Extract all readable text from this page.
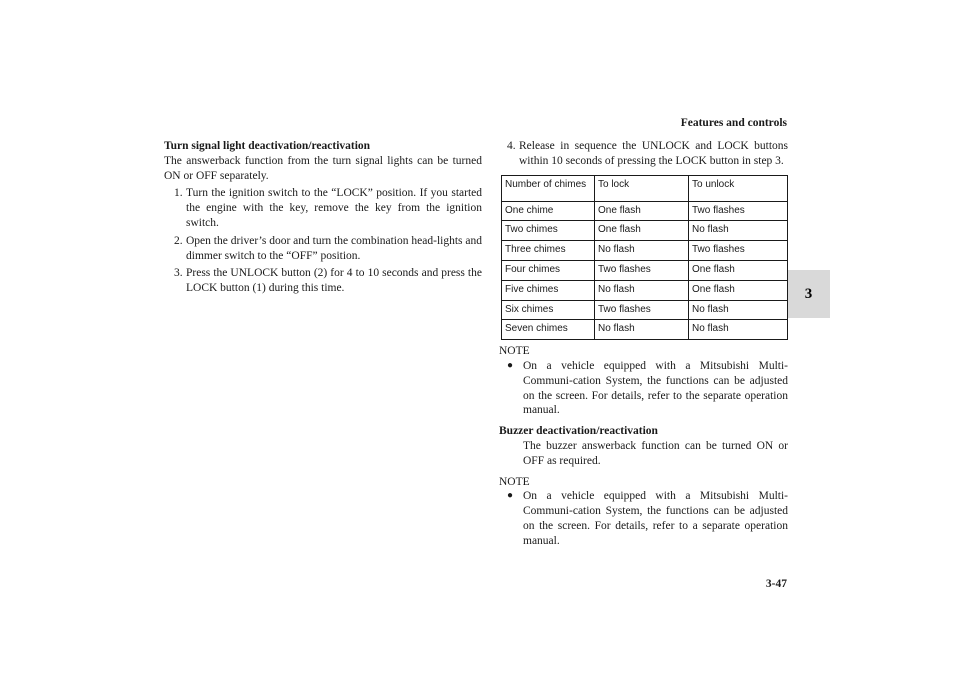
Features and controls
3
3-47
Turn signal light deactivation/reactivation
The answerback function from the turn signal lights can be turned ON or OFF separately.
1. Turn the ignition switch to the “LOCK” position. If you started the engine with the key, remove the key from the ignition switch.
2. Open the driver’s door and turn the combination head-lights and dimmer switch to the “OFF” position.
3. Press the UNLOCK button (2) for 4 to 10 seconds and press the LOCK button (1) during this time.
4. Release in sequence the UNLOCK and LOCK buttons within 10 seconds of pressing the LOCK button in step 3.
Number of chimes	To lock	To unlock
One chime	One flash	Two flashes
Two chimes	One flash	No flash
Three chimes	No flash	Two flashes
Four chimes	Two flashes	One flash
Five chimes	No flash	One flash
Six chimes	Two flashes	No flash
Seven chimes	No flash	No flash
NOTE
● On a vehicle equipped with a Mitsubishi Multi-Communi-cation System, the functions can be adjusted on the screen. For details, refer to the separate operation manual.
Buzzer deactivation/reactivation
The buzzer answerback function can be turned ON or OFF as required.
NOTE
● On a vehicle equipped with a Mitsubishi Multi-Communi-cation System, the functions can be adjusted on the screen. For details, refer to a separate operation manual.
